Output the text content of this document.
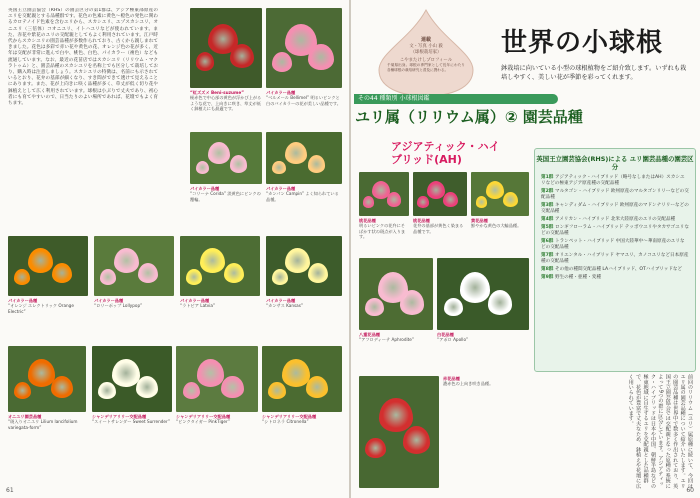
英国王立園芸協会（RHS）の園芸区分の第1群は、アジア極東部原産のユリを交配親とする品種群です。花色の色素に黄色〜橙色の発色に関わるカロテノイド色素を含むユリから、スカシユリ、エゾスカシユリ、オニユリ（三倍体）コオニユリ、イトハユリなどが使われています。また、赤花や紫花のユリの交配親としてもよく利用されています。江戸時代からスカシユリの園芸品種が多数作られており、古くから親しまれてきました。花色は多彩で赤い花や黄色の花、オレンジ色の花が多く、近年は交配が非常に進んで白や、桃色、白色、パイカラー（複色）なども流通しています。なお、最近の花苗店ではスカシユリ（リリウム・マクラトゥム）と、園芸品種のスカシユリを名称上でも区分して栽培しており、購入時は注意しましょう。スカシユリの特徴は、名前にも示されているとおり、花弁の基部が細くなり、すき間ができて透けて見えることにあります。また、花が上向きに咲く品種が多く、草丈が低く切り花や鉢植えとして広く利用されています。球根は小ぶりで丈夫であり、初心者にも育てやすいので、日当たりのよい場所であれば、花壇でもよく育ちます。
“紅ズズメ Beni-suzume”
極赤色で中心部の黄色が浮かび上がるような花で、上向きに咲き、草丈が低く鉢植えにも最適です。
パイカラー品種
“ベルメール Bellimel” 明るいピンクと白のバイカラーの花が美しい品種です。
パイカラー品種
“コリーナ Corida” 淡黄色にピンクの覆輪。
パイカラー品種
“カンパン Campin” よく知られている品種。
パイカラー品種
“オレンジ エレクトリック Orange Electric”
パイカラー品種
“ロリーポップ Lollypop”
パイカラー品種
“ラトビア Latvia”
パイカラー品種
“カンサス Kansas”
オニユリ園芸品種
“斑入りオニユリ Lilium lancifolium variegata-form”
シャンデリアリリー交配品種
“スイートサレンダー Sweet Surrender”
シャンデリアリリー交配品種
“ピンクタイガー PinkTiger”
シャンデリアリリー交配品種
“シトロネラ Citronella”
61
連載
文・写真 小山 毅
（球根栽培家）
こやまたけしプロフィール
千葉県出身。球根の専門家として長年にわたり各種球根の栽培研究と普及に携わる。
世界の小球根
鉢栽培に向いている小型の球根植物をご紹介致します。いずれも栽培しやすく、美しい花が季節を彩ってくれます。
その44 種類別 小球根図鑑
ユリ属（リリウム属）② 園芸品種
アジアティック・ハイブリッド(AH)
桃花品種
明るいピンクの花弁にそばかす状の斑点が入ります。
桃花品種
花弁の基部が黄色く染まる品種です。
黄花品種
鮮やかな黄色の大輪品種。
八重花品種
“アフロディーテ Aphrodite”
白花品種
“アポロ Apollo”
赤花品種
濃赤色の上向き咲き品種。
英国王立園芸協会(RHS)による ユリ園芸品種の園芸区分
第1群 アジアティック・ハイブリッド（略号なしまたはAH）スカシユリなどの極東アジア原産種の交配品種
第2群 マルタゴン・ハイブリッド 欧州原産のマルタゴンリリーなどの交配品種
第3群 キャンディダム・ハイブリッド 欧州原産のマドンナリリーなどの交配品種
第4群 アメリカン・ハイブリッド 北米大陸原産のユリの交配品種
第5群 ロンギフローラム・ハイブリッド テッポウユリやタカサゴユリなどの交配品種
第6群 トランペット・ハイブリッド 中国大陸華中〜華南原産のユリなどの交配品種
第7群 オリエンタル・ハイブリッド ヤマユリ、カノコユリなど日本原産種の交配品種
第8群 その他の種間交配品種 LAハイブリッド、OTハイブリッドなど
第9群 野生の種・亜種・変種
前回のリリウム（ユリ）属原種に続いて、今回はユリ属の園芸品種について紹介いたします。ユリの園芸品種は世界中で数多く作出されており、英国王立園芸協会では交配親となった原種の系統によって9つの群に区分しています。アジアティック・ハイブリッドは日本や中国、朝鮮半島などの極東地域に自生するユリを交配親とした品種群で、花色が豊富で丈夫なため、鉢植えや花壇に広く用いられています。
60
